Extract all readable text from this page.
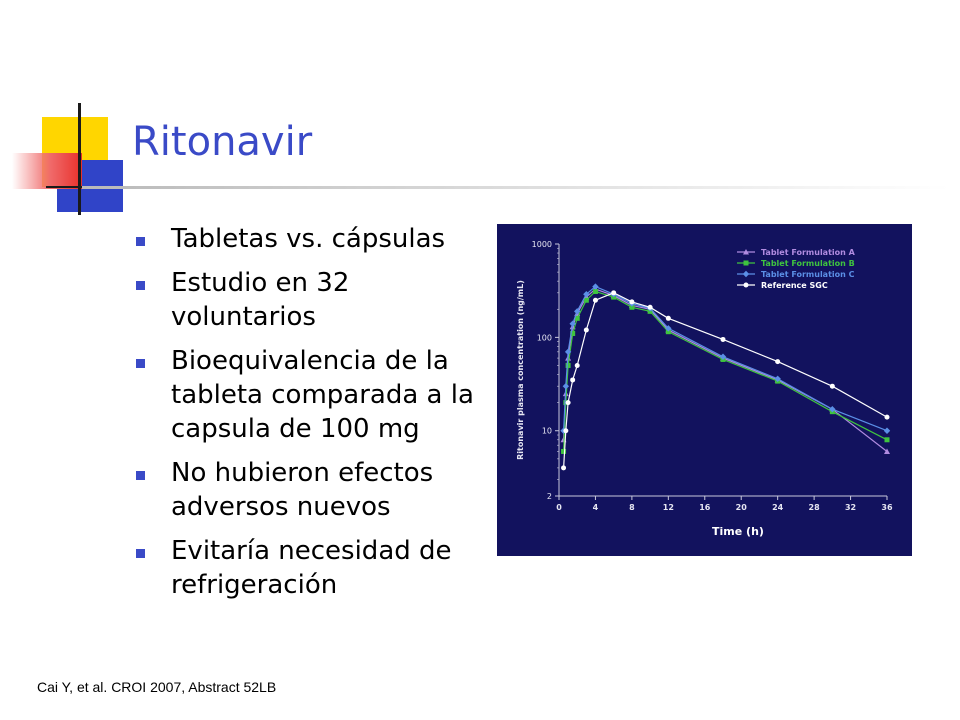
Ritonavir
Tabletas vs. cápsulas
Estudio en 32 voluntarios
Bioequivalencia de la tableta comparada a la capsula de 100 mg
No hubieron efectos adversos nuevos
Evitaría necesidad de refrigeración
2
10
100
1000
0	4	8	12	16	20	24	28	32	36
Time (h)
Ritonavir plasma concentration (ng/mL)
Tablet Formulation A
Tablet Formulation B
Tablet Formulation C
Reference SGC
Cai Y, et al. CROI 2007, Abstract 52LB
